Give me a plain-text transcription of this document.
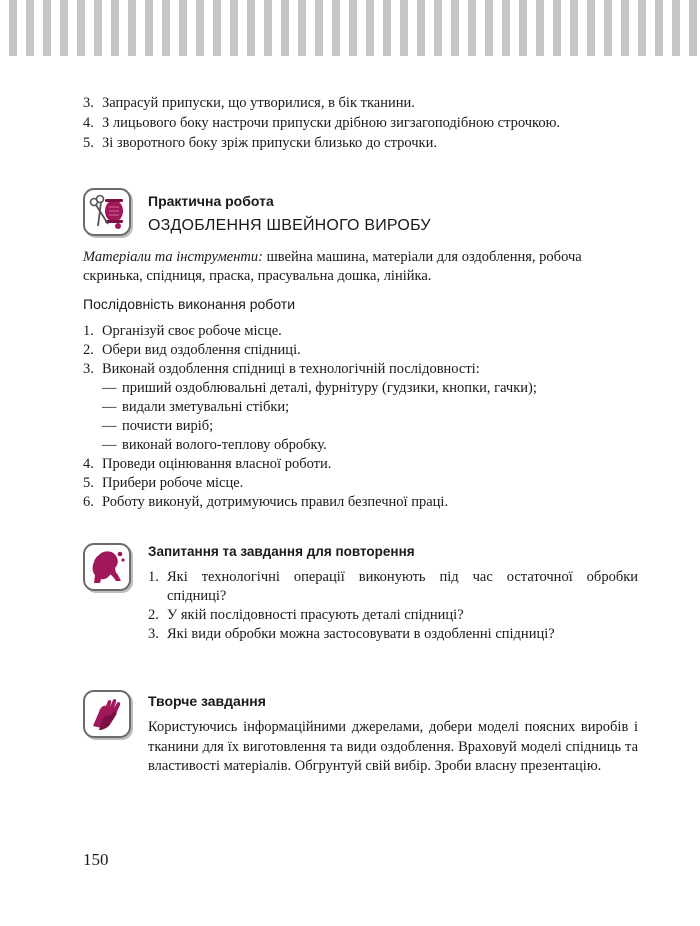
3. Запрасуй припуски, що утворилися, в бік тканини.
4. З лицьового боку настрочи припуски дрібною зигзагоподібною строчкою.
5. Зі зворотного боку зріж припуски близько до строчки.
Практична робота
ОЗДОБЛЕННЯ ШВЕЙНОГО ВИРОБУ
Матеріали та інструменти: швейна машина, матеріали для оздоблення, робоча
скринька, спідниця, праска, прасувальна дошка, лінійка.
Послідовність виконання роботи
1. Організуй своє робоче місце.
2. Обери вид оздоблення спідниці.
3. Виконай оздоблення спідниці в технологічній послідовності:
— приший оздоблювальні деталі, фурнітуру (гудзики, кнопки, гачки);
— видали зметувальні стібки;
— почисти виріб;
— виконай волого-теплову обробку.
4. Проведи оцінювання власної роботи.
5. Прибери робоче місце.
6. Роботу виконуй, дотримуючись правил безпечної праці.
Запитання та завдання для повторення
1. Які технологічні операції виконують під час остаточної обробки
спідниці?
2. У якій послідовності прасують деталі спідниці?
3. Які види обробки можна застосовувати в оздобленні спідниці?
Творче завдання
Користуючись інформаційними джерелами, добери моделі поясних виробів і тканини для їх виготовлення та види оздоблення. Враховуй моделі спідниць та властивості матеріалів. Обгрунтуй свій вибір. Зроби власну презентацію.
150
